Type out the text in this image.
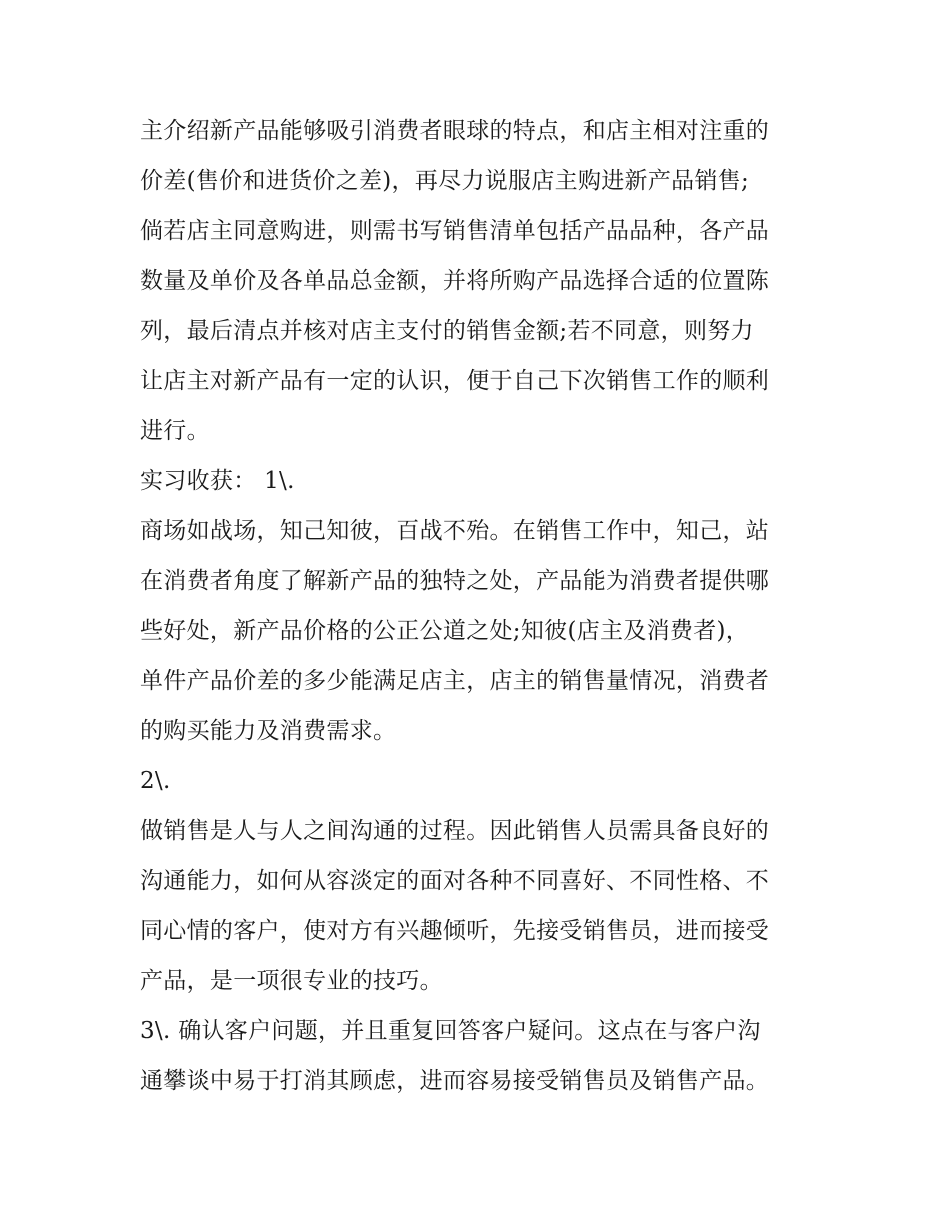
主介绍新产品能够吸引消费者眼球的特点，和店主相对注重的
价差(售价和进货价之差)，再尽力说服店主购进新产品销售;
倘若店主同意购进，则需书写销售清单包括产品品种，各产品
数量及单价及各单品总金额，并将所购产品选择合适的位置陈
列，最后清点并核对店主支付的销售金额;若不同意，则努力
让店主对新产品有一定的认识，便于自己下次销售工作的顺利
进行。
实习收获： 1\.
商场如战场，知己知彼，百战不殆。在销售工作中，知己，站
在消费者角度了解新产品的独特之处，产品能为消费者提供哪
些好处，新产品价格的公正公道之处;知彼(店主及消费者)，
单件产品价差的多少能满足店主，店主的销售量情况，消费者
的购买能力及消费需求。
2\.
做销售是人与人之间沟通的过程。因此销售人员需具备良好的
沟通能力，如何从容淡定的面对各种不同喜好、不同性格、不
同心情的客户，使对方有兴趣倾听，先接受销售员，进而接受
产品，是一项很专业的技巧。
3\. 确认客户问题，并且重复回答客户疑问。这点在与客户沟
通攀谈中易于打消其顾虑，进而容易接受销售员及销售产品。
